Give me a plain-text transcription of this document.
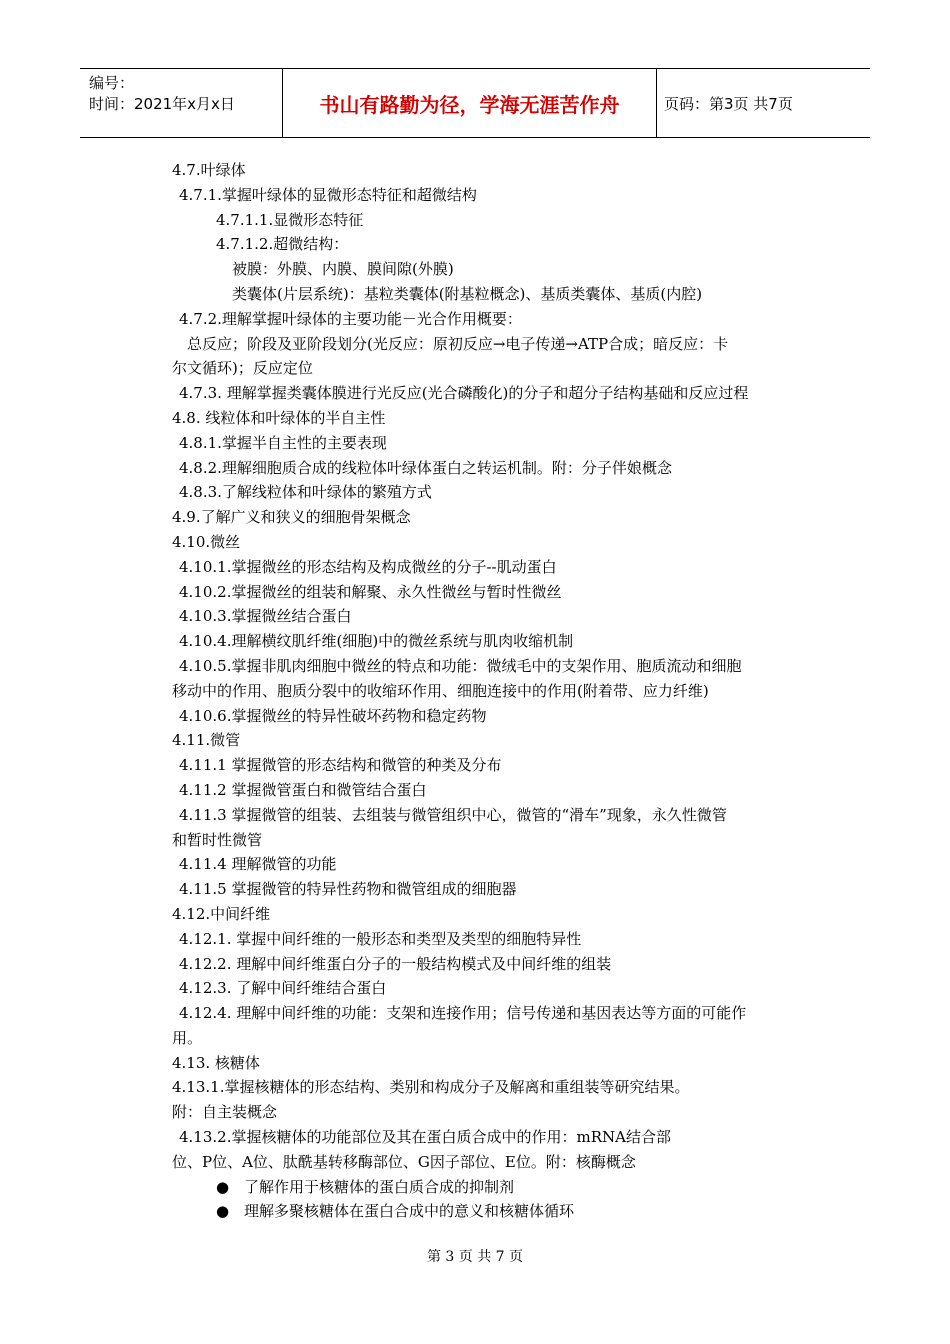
编号：
时间：2021年x月x日	书山有路勤为径，学海无涯苦作舟	页码：第3页 共7页
4.7.叶绿体
4.7.1.掌握叶绿体的显微形态特征和超微结构
4.7.1.1.显微形态特征
4.7.1.2.超微结构：
被膜：外膜、内膜、膜间隙(外膜)
类囊体(片层系统)：基粒类囊体(附基粒概念)、基质类囊体、基质(内腔)
4.7.2.理解掌握叶绿体的主要功能－光合作用概要：
总反应；阶段及亚阶段划分(光反应：原初反应→电子传递→ATP合成；暗反应：卡
尔文循环)；反应定位
4.7.3. 理解掌握类囊体膜进行光反应(光合磷酸化)的分子和超分子结构基础和反应过程
4.8. 线粒体和叶绿体的半自主性
4.8.1.掌握半自主性的主要表现
4.8.2.理解细胞质合成的线粒体叶绿体蛋白之转运机制。附：分子伴娘概念
4.8.3.了解线粒体和叶绿体的繁殖方式
4.9.了解广义和狭义的细胞骨架概念
4.10.微丝
4.10.1.掌握微丝的形态结构及构成微丝的分子--肌动蛋白
4.10.2.掌握微丝的组装和解聚、永久性微丝与暂时性微丝
4.10.3.掌握微丝结合蛋白
4.10.4.理解横纹肌纤维(细胞)中的微丝系统与肌肉收缩机制
4.10.5.掌握非肌肉细胞中微丝的特点和功能：微绒毛中的支架作用、胞质流动和细胞
移动中的作用、胞质分裂中的收缩环作用、细胞连接中的作用(附着带、应力纤维)
4.10.6.掌握微丝的特异性破坏药物和稳定药物
4.11.微管
4.11.1 掌握微管的形态结构和微管的种类及分布
4.11.2 掌握微管蛋白和微管结合蛋白
4.11.3 掌握微管的组装、去组装与微管组织中心，微管的“滑车”现象，永久性微管
和暂时性微管
4.11.4 理解微管的功能
4.11.5 掌握微管的特异性药物和微管组成的细胞器
4.12.中间纤维
4.12.1. 掌握中间纤维的一般形态和类型及类型的细胞特异性
4.12.2. 理解中间纤维蛋白分子的一般结构模式及中间纤维的组装
4.12.3. 了解中间纤维结合蛋白
4.12.4. 理解中间纤维的功能：支架和连接作用；信号传递和基因表达等方面的可能作
用。
4.13. 核糖体
4.13.1.掌握核糖体的形态结构、类别和构成分子及解离和重组装等研究结果。
附：自主装概念
4.13.2.掌握核糖体的功能部位及其在蛋白质合成中的作用：mRNA结合部
位、P位、A位、肽酰基转移酶部位、G因子部位、E位。附：核酶概念
● 了解作用于核糖体的蛋白质合成的抑制剂
● 理解多聚核糖体在蛋白合成中的意义和核糖体循环
第 3 页 共 7 页
